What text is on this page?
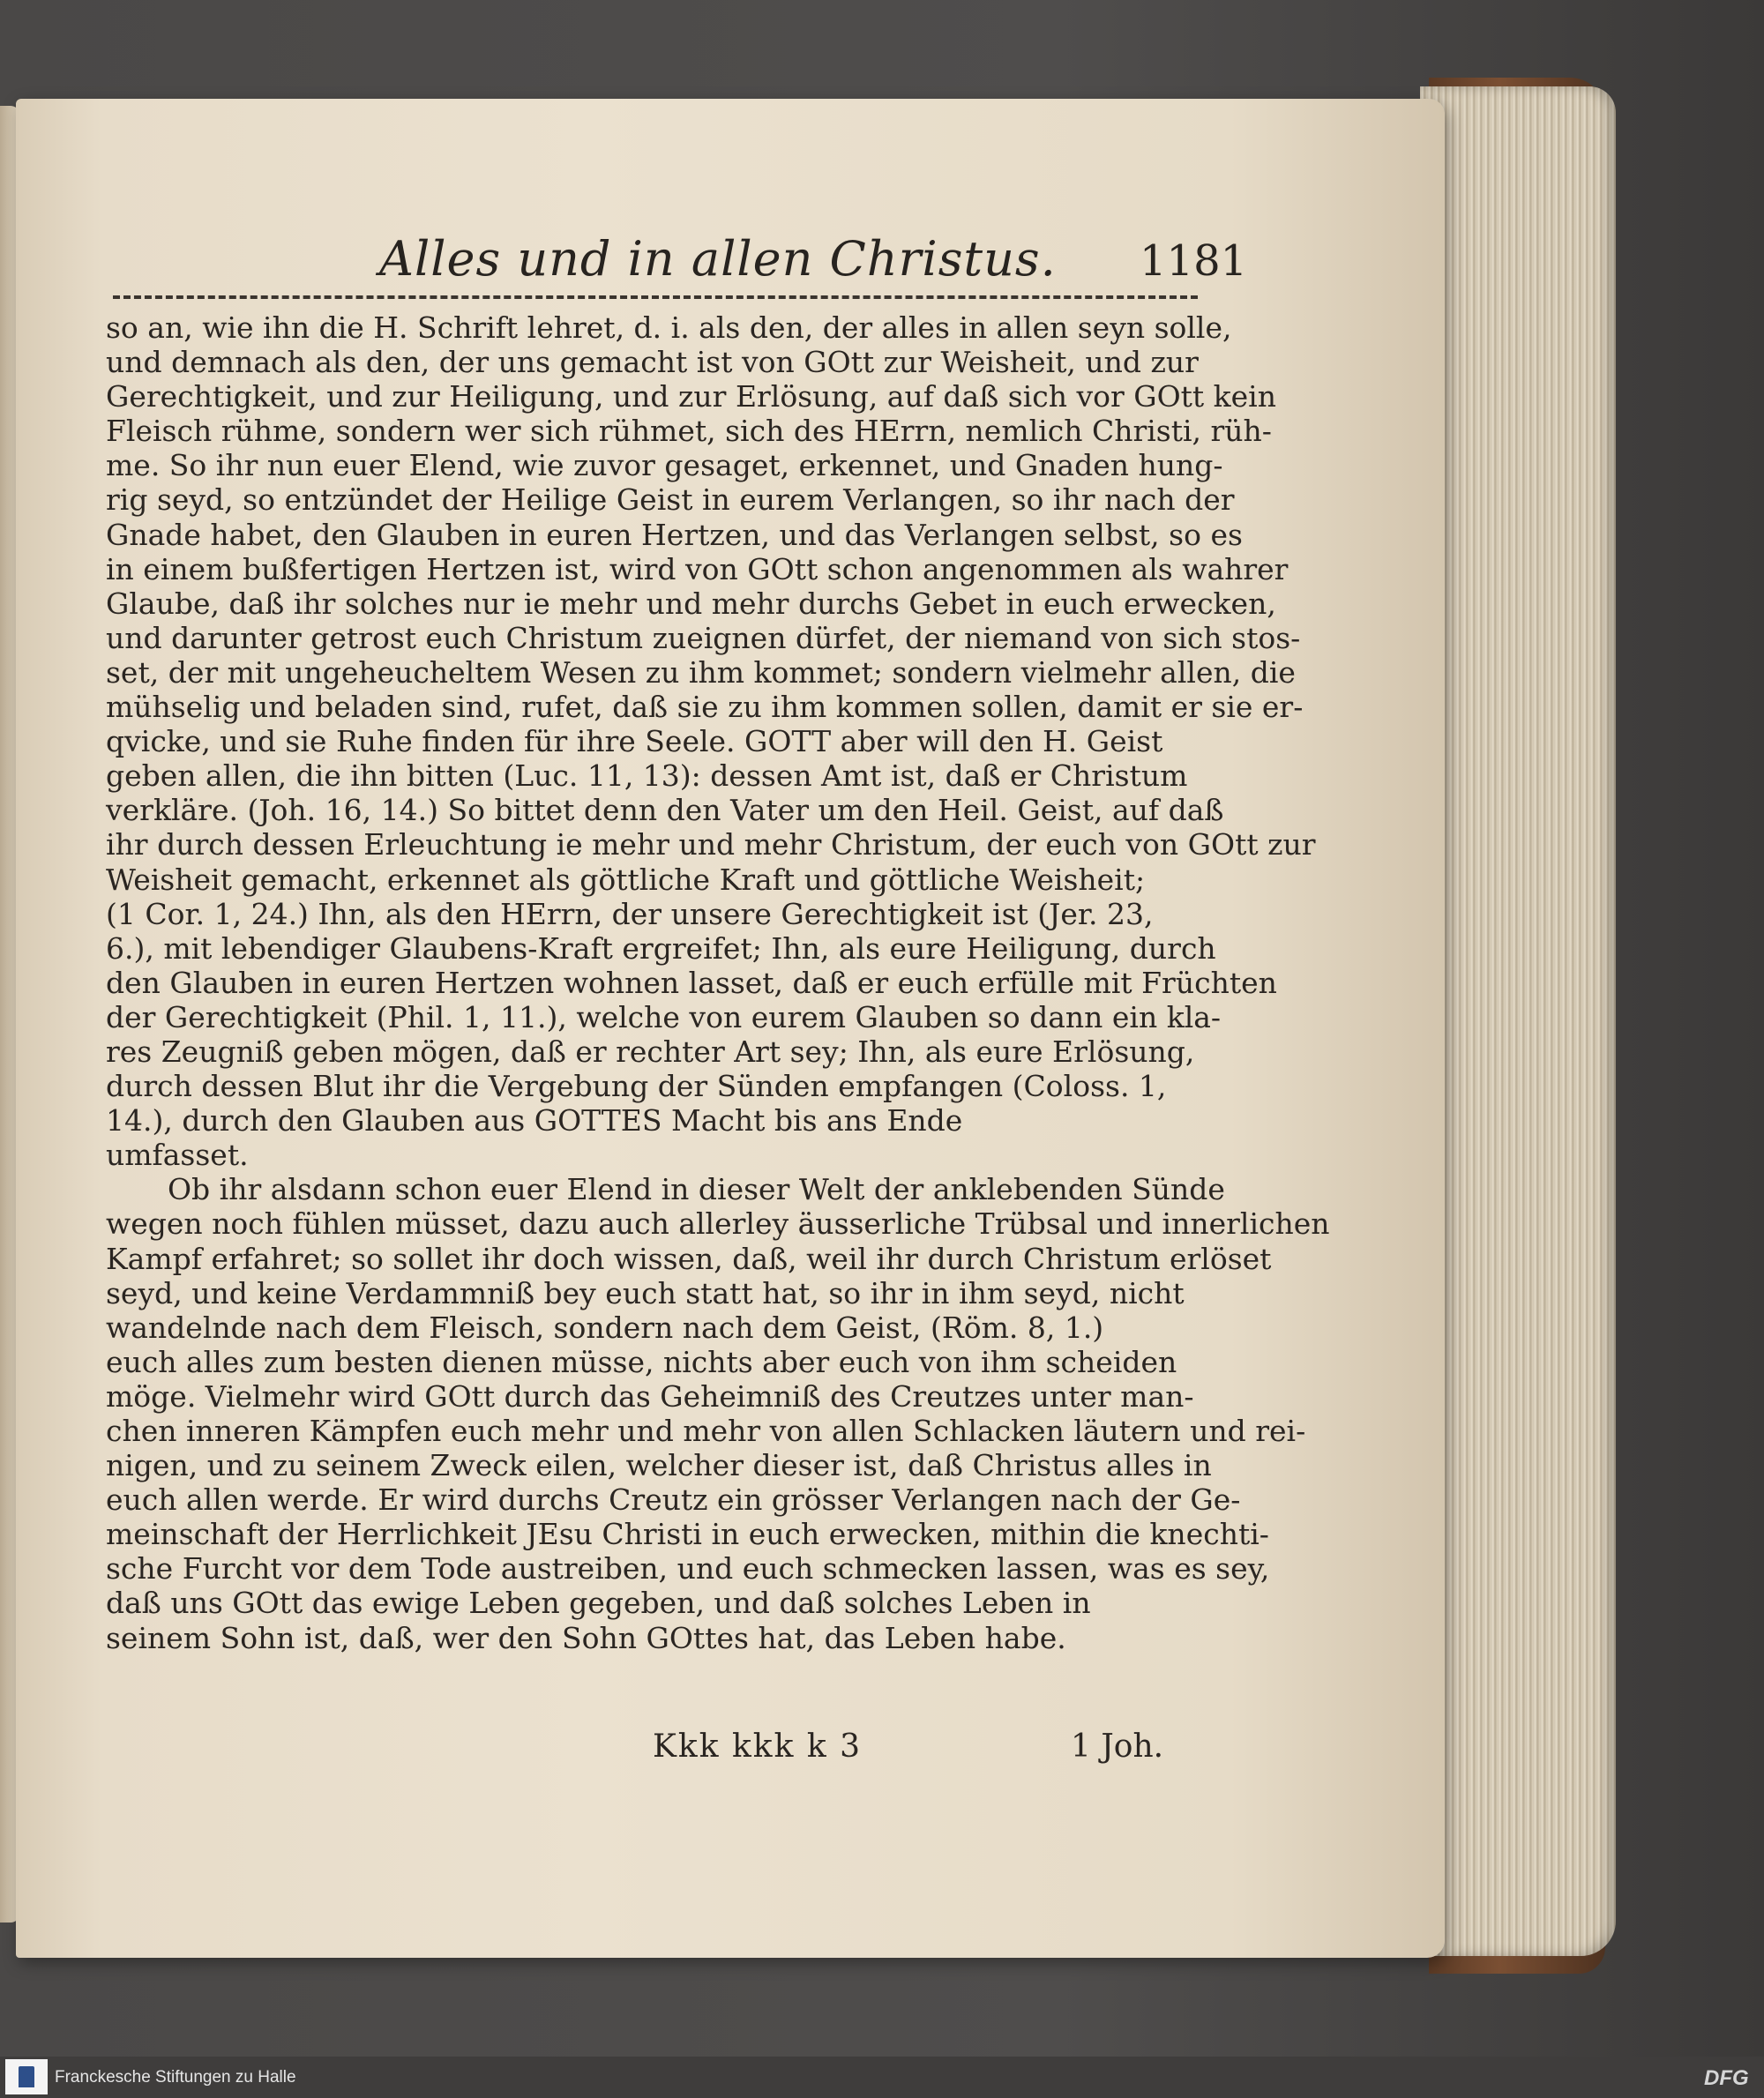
Alles und in allen Christus. 1181
so an, wie ihn die H. Schrift lehret, d. i. als den, der alles in allen seyn solle,
und demnach als den, der uns gemacht ist von GOtt zur Weisheit, und zur
Gerechtigkeit, und zur Heiligung, und zur Erlösung, auf daß sich vor GOtt kein
Fleisch rühme, sondern wer sich rühmet, sich des HErrn, nemlich Christi, rüh-
me. So ihr nun euer Elend, wie zuvor gesaget, erkennet, und Gnaden hung-
rig seyd, so entzündet der Heilige Geist in eurem Verlangen, so ihr nach der
Gnade habet, den Glauben in euren Hertzen, und das Verlangen selbst, so es
in einem bußfertigen Hertzen ist, wird von GOtt schon angenommen als wahrer
Glaube, daß ihr solches nur ie mehr und mehr durchs Gebet in euch erwecken,
und darunter getrost euch Christum zueignen dürfet, der niemand von sich stos-
set, der mit ungeheucheltem Wesen zu ihm kommet; sondern vielmehr allen, die
mühselig und beladen sind, rufet, daß sie zu ihm kommen sollen, damit er sie er-
qvicke, und sie Ruhe finden für ihre Seele. GOTT aber will den H. Geist
geben allen, die ihn bitten (Luc. 11, 13): dessen Amt ist, daß er Christum
verkläre. (Joh. 16, 14.) So bittet denn den Vater um den Heil. Geist, auf daß
ihr durch dessen Erleuchtung ie mehr und mehr Christum, der euch von GOtt zur
Weisheit gemacht, erkennet als göttliche Kraft und göttliche Weisheit;
(1 Cor. 1, 24.) Ihn, als den HErrn, der unsere Gerechtigkeit ist (Jer. 23,
6.), mit lebendiger Glaubens-Kraft ergreifet; Ihn, als eure Heiligung, durch
den Glauben in euren Hertzen wohnen lasset, daß er euch erfülle mit Früchten
der Gerechtigkeit (Phil. 1, 11.), welche von eurem Glauben so dann ein kla-
res Zeugniß geben mögen, daß er rechter Art sey; Ihn, als eure Erlösung,
durch dessen Blut ihr die Vergebung der Sünden empfangen (Coloss. 1,
14.), durch den Glauben aus GOTTES Macht bis ans Ende
umfasset.
Ob ihr alsdann schon euer Elend in dieser Welt der anklebenden Sünde
wegen noch fühlen müsset, dazu auch allerley äusserliche Trübsal und innerlichen
Kampf erfahret; so sollet ihr doch wissen, daß, weil ihr durch Christum erlöset
seyd, und keine Verdammniß bey euch statt hat, so ihr in ihm seyd, nicht
wandelnde nach dem Fleisch, sondern nach dem Geist, (Röm. 8, 1.)
euch alles zum besten dienen müsse, nichts aber euch von ihm scheiden
möge. Vielmehr wird GOtt durch das Geheimniß des Creutzes unter man-
chen inneren Kämpfen euch mehr und mehr von allen Schlacken läutern und rei-
nigen, und zu seinem Zweck eilen, welcher dieser ist, daß Christus alles in
euch allen werde. Er wird durchs Creutz ein grösser Verlangen nach der Ge-
meinschaft der Herrlichkeit JEsu Christi in euch erwecken, mithin die knechti-
sche Furcht vor dem Tode austreiben, und euch schmecken lassen, was es sey,
daß uns GOtt das ewige Leben gegeben, und daß solches Leben in
seinem Sohn ist, daß, wer den Sohn GOttes hat, das Leben habe.
Kkk kkk k 3	1 Joh.
Franckesche Stiftungen zu Halle	DFG
